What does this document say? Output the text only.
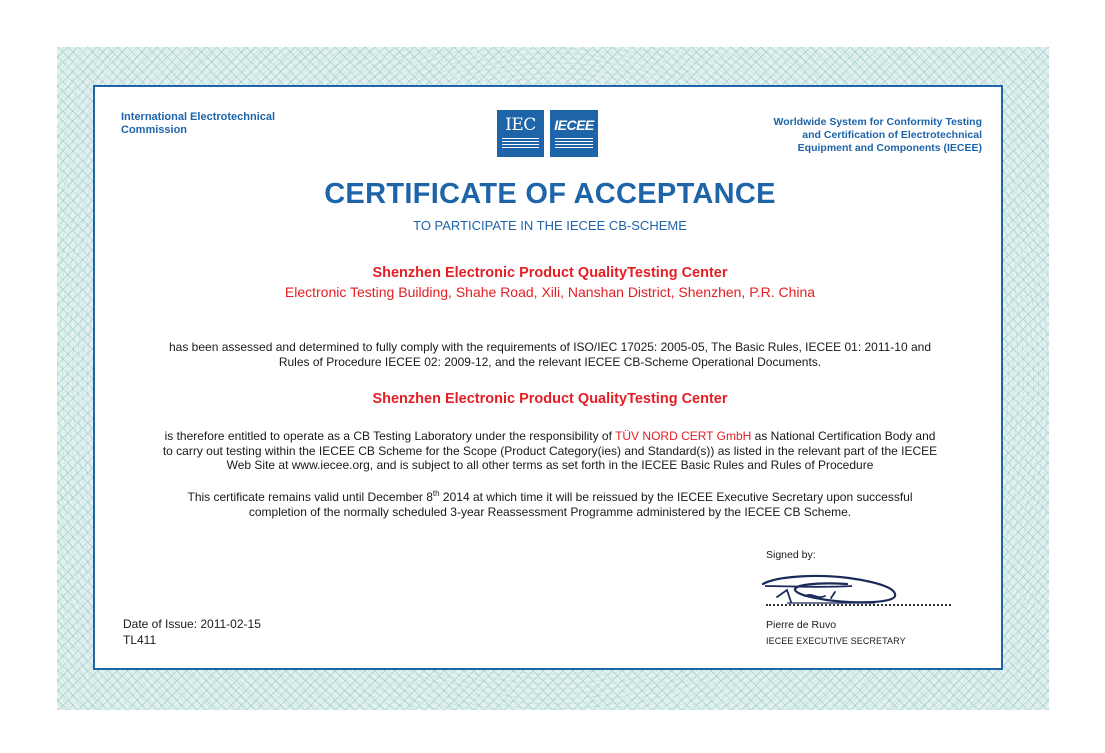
International Electrotechnical Commission	IEC	IECEE	Worldwide System for Conformity Testing
and Certification of Electrotechnical
Equipment and Components (IECEE)
CERTIFICATE OF ACCEPTANCE
TO PARTICIPATE IN THE IECEE CB-SCHEME
Shenzhen Electronic Product QualityTesting Center
Electronic Testing Building, Shahe Road, Xili, Nanshan District, Shenzhen, P.R. China
has been assessed and determined to fully comply with the requirements of ISO/IEC 17025: 2005-05, The Basic Rules, IECEE 01: 2011-10 and
Rules of Procedure IECEE 02: 2009-12, and the relevant IECEE CB-Scheme Operational Documents.
Shenzhen Electronic Product QualityTesting Center
is therefore entitled to operate as a CB Testing Laboratory under the responsibility of TÜV NORD CERT GmbH as National Certification Body and
to carry out testing within the IECEE CB Scheme for the Scope (Product Category(ies) and Standard(s)) as listed in the relevant part of the IECEE
Web Site at www.iecee.org, and is subject to all other terms as set forth in the IECEE Basic Rules and Rules of Procedure
This certificate remains valid until December 8th 2014 at which time it will be reissued by the IECEE Executive Secretary upon successful
completion of the normally scheduled 3-year Reassessment Programme administered by the IECEE CB Scheme.
Signed by:
Pierre de Ruvo
IECEE EXECUTIVE SECRETARY
Date of Issue: 2011-02-15
TL411
